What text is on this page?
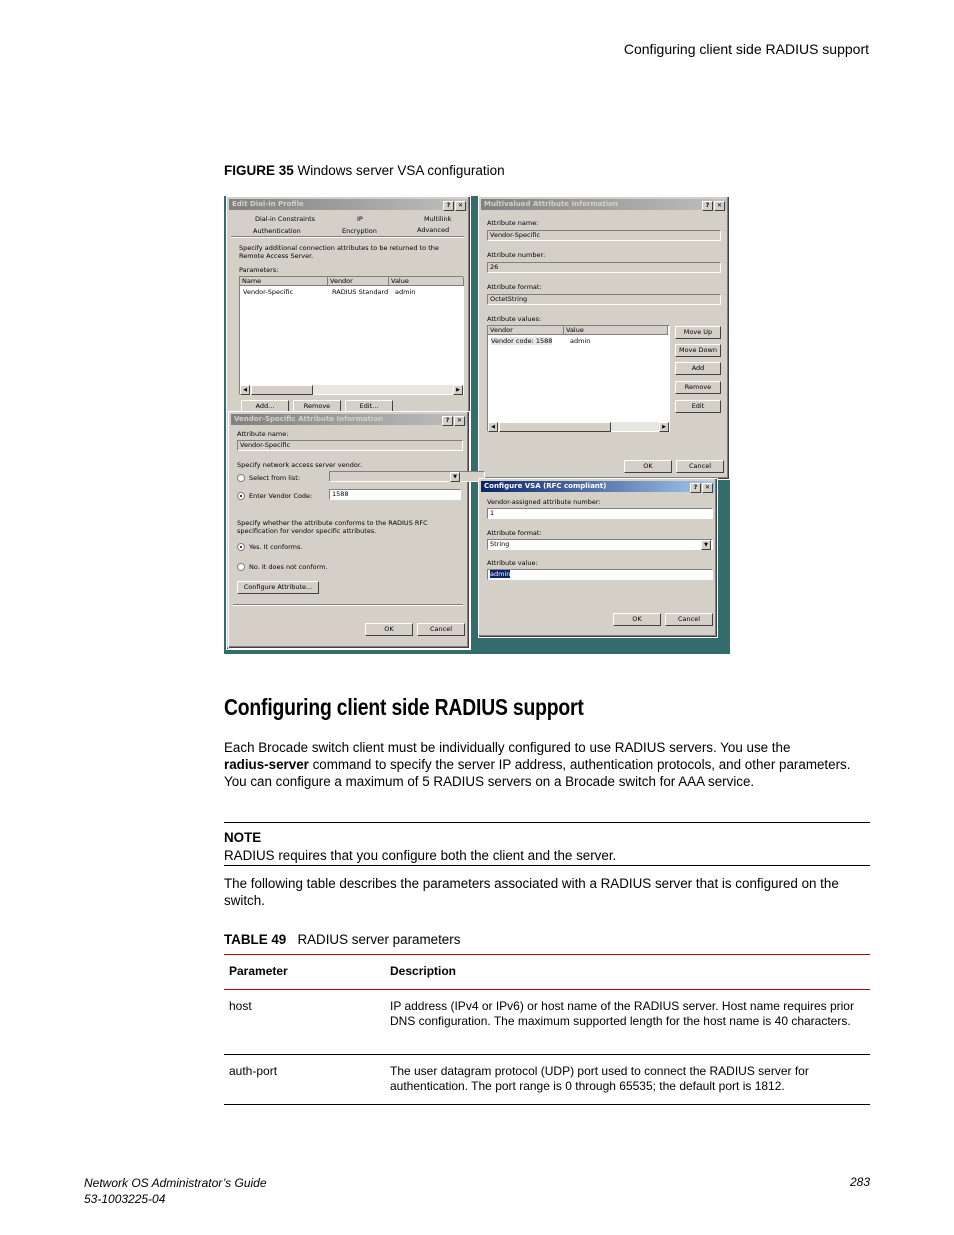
Configuring client side RADIUS support
FIGURE 35 Windows server VSA configuration
Edit Dial-in Profile	? ✕
Dial-in Constraints	IP	Multilink
Authentication	Encryption	Advanced
Specify additional connection attributes to be returned to the Remote Access Server.
Parameters:
Name	Vendor	Value
Vendor-Specific	RADIUS Standard admin
◀	▶
Add...	Remove	Edit...
Multivalued Attribute Information	? ✕
Attribute name:
Vendor-Specific
Attribute number:
26
Attribute format:
OctetString
Attribute values:
Vendor	Value
Vendor code: 1588	admin
◀	▶
Move Up
Move Down
Add
Remove
Edit
OK	Cancel
Vendor-Specific Attribute Information	? ✕
Attribute name:
Vendor-Specific
Specify network access server vendor.
Select from list:	▼
Enter Vendor Code:	1588
Specify whether the attribute conforms to the RADIUS RFC specification for vendor specific attributes.
Yes. It conforms.
No. It does not conform.
Configure Attribute...
OK	Cancel
Configure VSA (RFC compliant)	? ✕
Vendor-assigned attribute number:
1
Attribute format:
String	▼
Attribute value:
admin
OK	Cancel
Configuring client side RADIUS support
Each Brocade switch client must be individually configured to use RADIUS servers. You use the
radius-server command to specify the server IP address, authentication protocols, and other parameters. You can configure a maximum of 5 RADIUS servers on a Brocade switch for AAA service.
NOTE
RADIUS requires that you configure both the client and the server.
The following table describes the parameters associated with a RADIUS server that is configured on the switch.
TABLE 49 RADIUS server parameters
Parameter	Description
host	IP address (IPv4 or IPv6) or host name of the RADIUS server. Host name requires prior DNS configuration. The maximum supported length for the host name is 40 characters.
auth-port	The user datagram protocol (UDP) port used to connect the RADIUS server for authentication. The port range is 0 through 65535; the default port is 1812.
Network OS Administrator’s Guide
53-1003225-04
283
